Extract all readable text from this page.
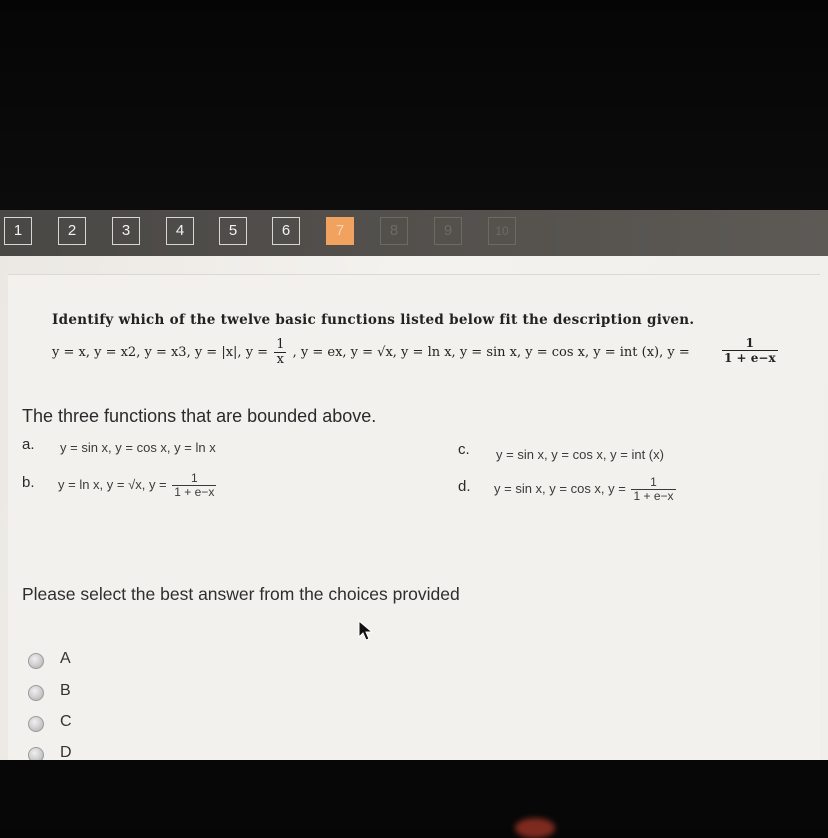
1	2	3	4	5	6	7	8	9	10
Identify which of the twelve basic functions listed below fit the description given.
y = x, y = x2, y = x3, y = |x|, $y = \frac{1}{x}$ , y = ex, y = √x, y = ln x, y = sin x, y = cos x, y = int (x), y =	$\frac{1}{1 + e-x}$
The three functions that are bounded above.
a. y = sin x, y = cos x, y = ln x	c. y = sin x, y = cos x, y = int (x)
b. y = ln x, y = √x, $y = \frac{1}{1 + e-x}$	d. y = sin x, y = cos x, $y = \frac{1}{1 + e-x}$
Please select the best answer from the choices provided
A
B
C
D
